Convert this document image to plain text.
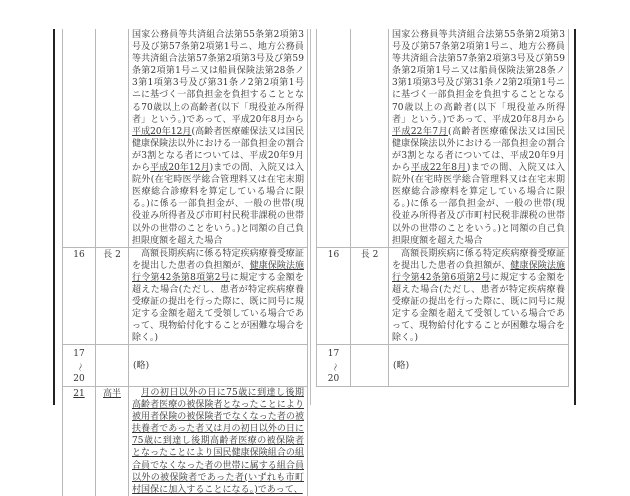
		国家公務員等共済組合法第55条第2項第3号及び第57条第2項第1号ニ、地方公務員等共済組合法第57条第2項第3号及び第59条第2項第1号ニ又は船員保険法第28条ノ3第1項第3号及び第31条ノ2第2項第1号ニに基づく一部負担金を負担することとなる70歳以上の高齢者(以下「現役並み所得者」という。)であって、平成20年8月から平成20年12月(高齢者医療確保法又は国民健康保険法以外における一部負担金の割合が3割となる者については、平成20年9月から平成20年12月)までの間、入院又は入院外(在宅時医学総合管理料又は在宅末期医療総合診療料を算定している場合に限る。)に係る一部負担金が、一般の世帯(現役並み所得者及び市町村民税非課税の世帯以外の世帯のことをいう。)と同額の自己負担限度額を超えた場合

16	長 2	高額長期疾病に係る特定疾病療養受療証を提出した患者の負担額が、健康保険法施行令第42条第8項第2号に規定する金額を超えた場合(ただし、患者が特定疾病療養受療証の提出を行った際に、既に同号に規定する金額を超えて受領している場合であって、現物給付化することが困難な場合を除く。)

17
〜
20		(略)
21	高半	月の初日以外の日に75歳に到達し後期高齢者医療の被保険者となったことにより被用者保険の被保険者でなくなった者の被扶養者であった者又は月の初日以外の日に75歳に到達し後期高齢者医療の被保険者となったことにより国民健康保険組合の組合員でなくなった者の世帯に属する組合員以外の被保険者であった者(いずれも市町村国保に加入することになる。)であって、

		国家公務員等共済組合法第55条第2項第3号及び第57条第2項第1号ニ、地方公務員等共済組合法第57条第2項第3号及び第59条第2項第1号ニ又は船員保険法第28条ノ3第1項第3号及び第31条ノ2第2項第1号ニに基づく一部負担金を負担することとなる70歳以上の高齢者(以下「現役並み所得者」という。)であって、平成20年8月から平成22年7月(高齢者医療確保法又は国民健康保険法以外における一部負担金の割合が3割となる者については、平成20年9月から平成22年8月)までの間、入院又は入院外(在宅時医学総合管理料又は在宅末期医療総合診療料を算定している場合に限る。)に係る一部負担金が、一般の世帯(現役並み所得者及び市町村民税非課税の世帯以外の世帯のことをいう。)と同額の自己負担限度額を超えた場合

16	長 2	高額長期疾病に係る特定疾病療養受療証を提出した患者の負担額が、健康保険法施行令第42条第6項第2号に規定する金額を超えた場合(ただし、患者が特定疾病療養受療証の提出を行った際に、既に同号に規定する金額を超えて受領している場合であって、現物給付化することが困難な場合を除く。)

17
〜
20		(略)
